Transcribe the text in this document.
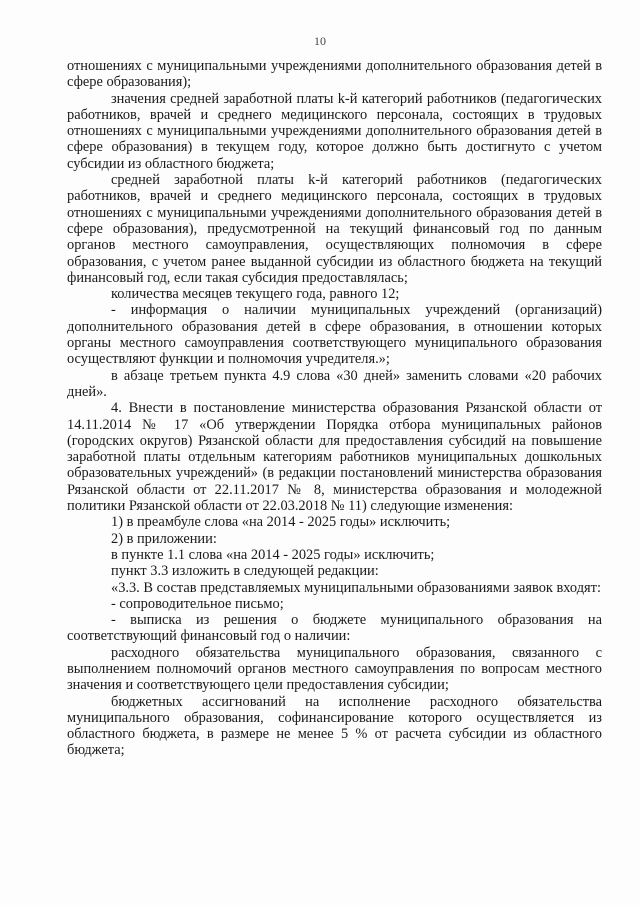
10

отношениях с муниципальными учреждениями дополнительного образования детей в сфере образования);

значения средней заработной платы k-й категорий работников (педагогических работников, врачей и среднего медицинского персонала, состоящих в трудовых отношениях с муниципальными учреждениями дополнительного образования детей в сфере образования) в текущем году, которое должно быть достигнуто с учетом субсидии из областного бюджета;

средней заработной платы k-й категорий работников (педагогических работников, врачей и среднего медицинского персонала, состоящих в трудовых отношениях с муниципальными учреждениями дополнительного образования детей в сфере образования), предусмотренной на текущий финансовый год по данным органов местного самоуправления, осуществляющих полномочия в сфере образования, с учетом ранее выданной субсидии из областного бюджета на текущий финансовый год, если такая субсидия предоставлялась;

количества месяцев текущего года, равного 12;

- информация о наличии муниципальных учреждений (организаций) дополнительного образования детей в сфере образования, в отношении которых органы местного самоуправления соответствующего муниципального образования осуществляют функции и полномочия учредителя.»;

в абзаце третьем пункта 4.9 слова «30 дней» заменить словами «20 рабочих дней».

4. Внести в постановление министерства образования Рязанской области от 14.11.2014 № 17 «Об утверждении Порядка отбора муниципальных районов (городских округов) Рязанской области для предоставления субсидий на повышение заработной платы отдельным категориям работников муниципальных дошкольных образовательных учреждений» (в редакции постановлений министерства образования Рязанской области от 22.11.2017 № 8, министерства образования и молодежной политики Рязанской области от 22.03.2018 № 11) следующие изменения:

1) в преамбуле слова «на 2014 - 2025 годы» исключить;

2) в приложении:

в пункте 1.1 слова «на 2014 - 2025 годы» исключить;

пункт 3.3 изложить в следующей редакции:

«3.3. В состав представляемых муниципальными образованиями заявок входят:

- сопроводительное письмо;

- выписка из решения о бюджете муниципального образования на соответствующий финансовый год о наличии:

расходного обязательства муниципального образования, связанного с выполнением полномочий органов местного самоуправления по вопросам местного значения и соответствующего цели предоставления субсидии;

бюджетных ассигнований на исполнение расходного обязательства муниципального образования, софинансирование которого осуществляется из областного бюджета, в размере не менее 5 % от расчета субсидии из областного бюджета;
